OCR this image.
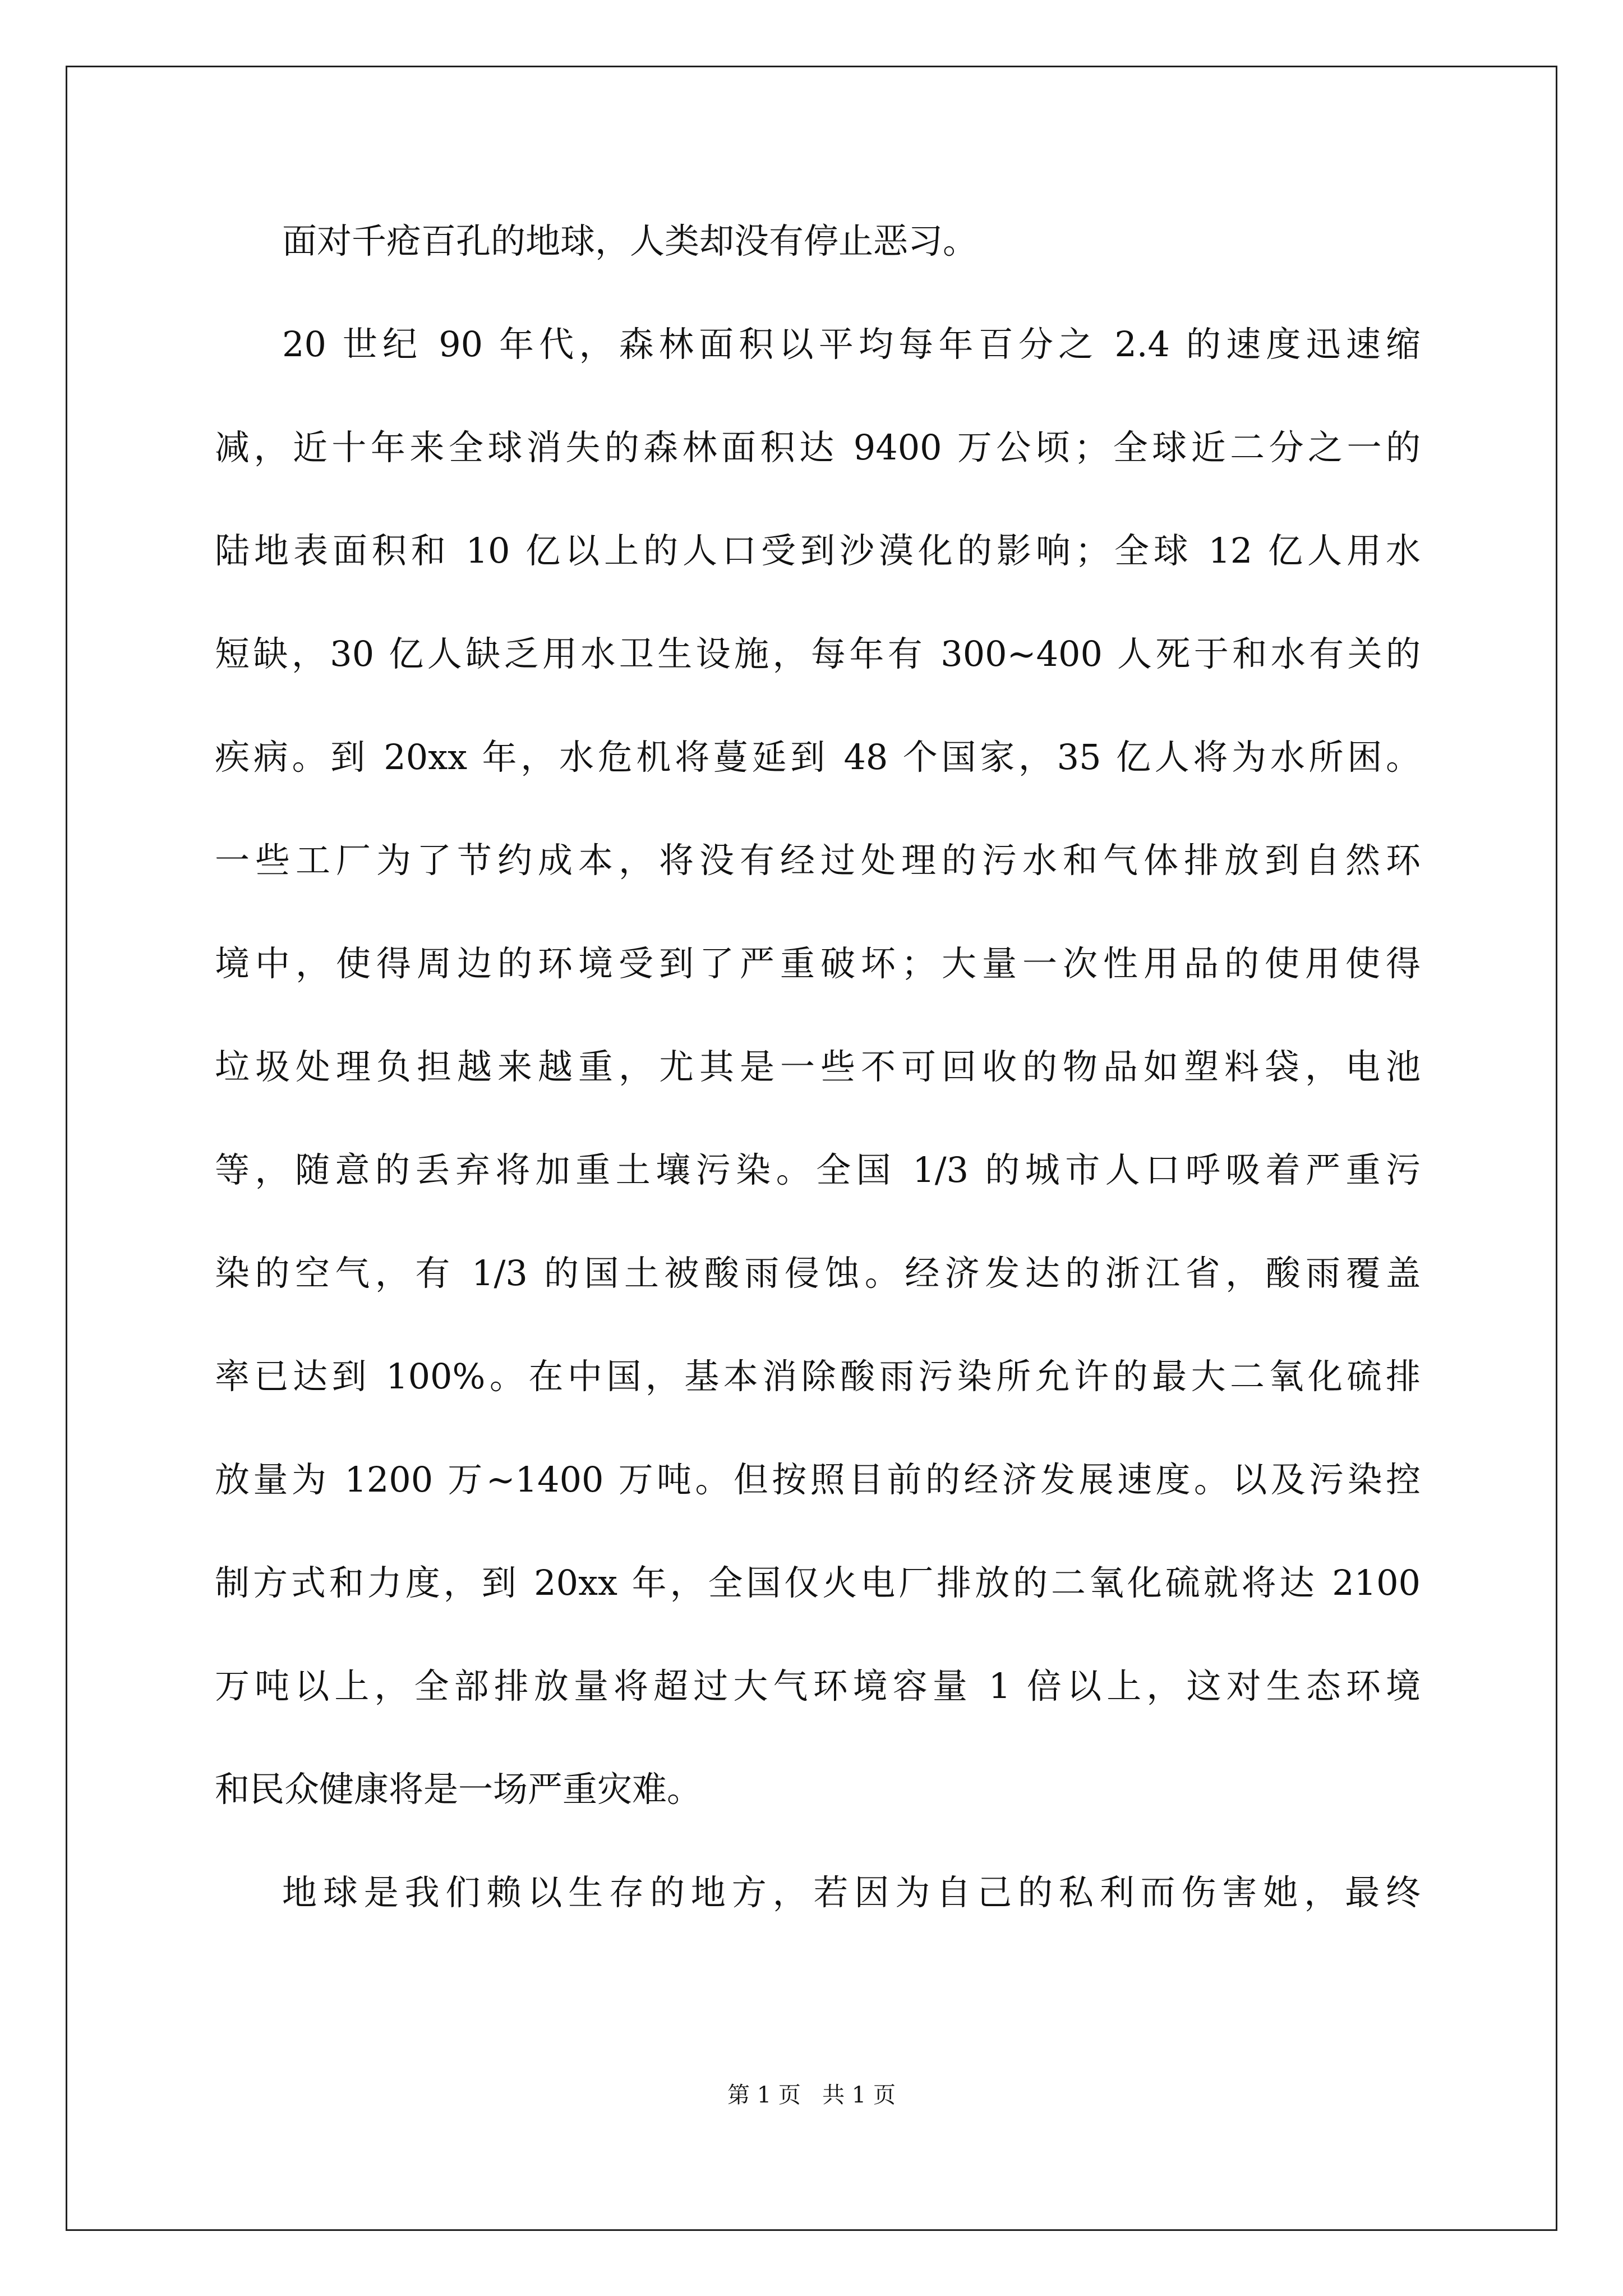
面对千疮百孔的地球，人类却没有停止恶习。
20 世纪 90 年代，森林面积以平均每年百分之 2.4 的速度迅速缩
减，近十年来全球消失的森林面积达 9400 万公顷；全球近二分之一的
陆地表面积和 10 亿以上的人口受到沙漠化的影响；全球 12 亿人用水
短缺，30 亿人缺乏用水卫生设施，每年有 300~400 人死于和水有关的
疾病。到 20xx 年，水危机将蔓延到 48 个国家，35 亿人将为水所困。
一些工厂为了节约成本，将没有经过处理的污水和气体排放到自然环
境中，使得周边的环境受到了严重破坏；大量一次性用品的使用使得
垃圾处理负担越来越重，尤其是一些不可回收的物品如塑料袋，电池
等，随意的丢弃将加重土壤污染。全国 1/3 的城市人口呼吸着严重污
染的空气，有 1/3 的国土被酸雨侵蚀。经济发达的浙江省，酸雨覆盖
率已达到 100%。在中国，基本消除酸雨污染所允许的最大二氧化硫排
放量为 1200 万~1400 万吨。但按照目前的经济发展速度。以及污染控
制方式和力度，到 20xx 年，全国仅火电厂排放的二氧化硫就将达 2100
万吨以上，全部排放量将超过大气环境容量 1 倍以上，这对生态环境
和民众健康将是一场严重灾难。
地球是我们赖以生存的地方，若因为自己的私利而伤害她，最终
第 1 页   共 1 页
